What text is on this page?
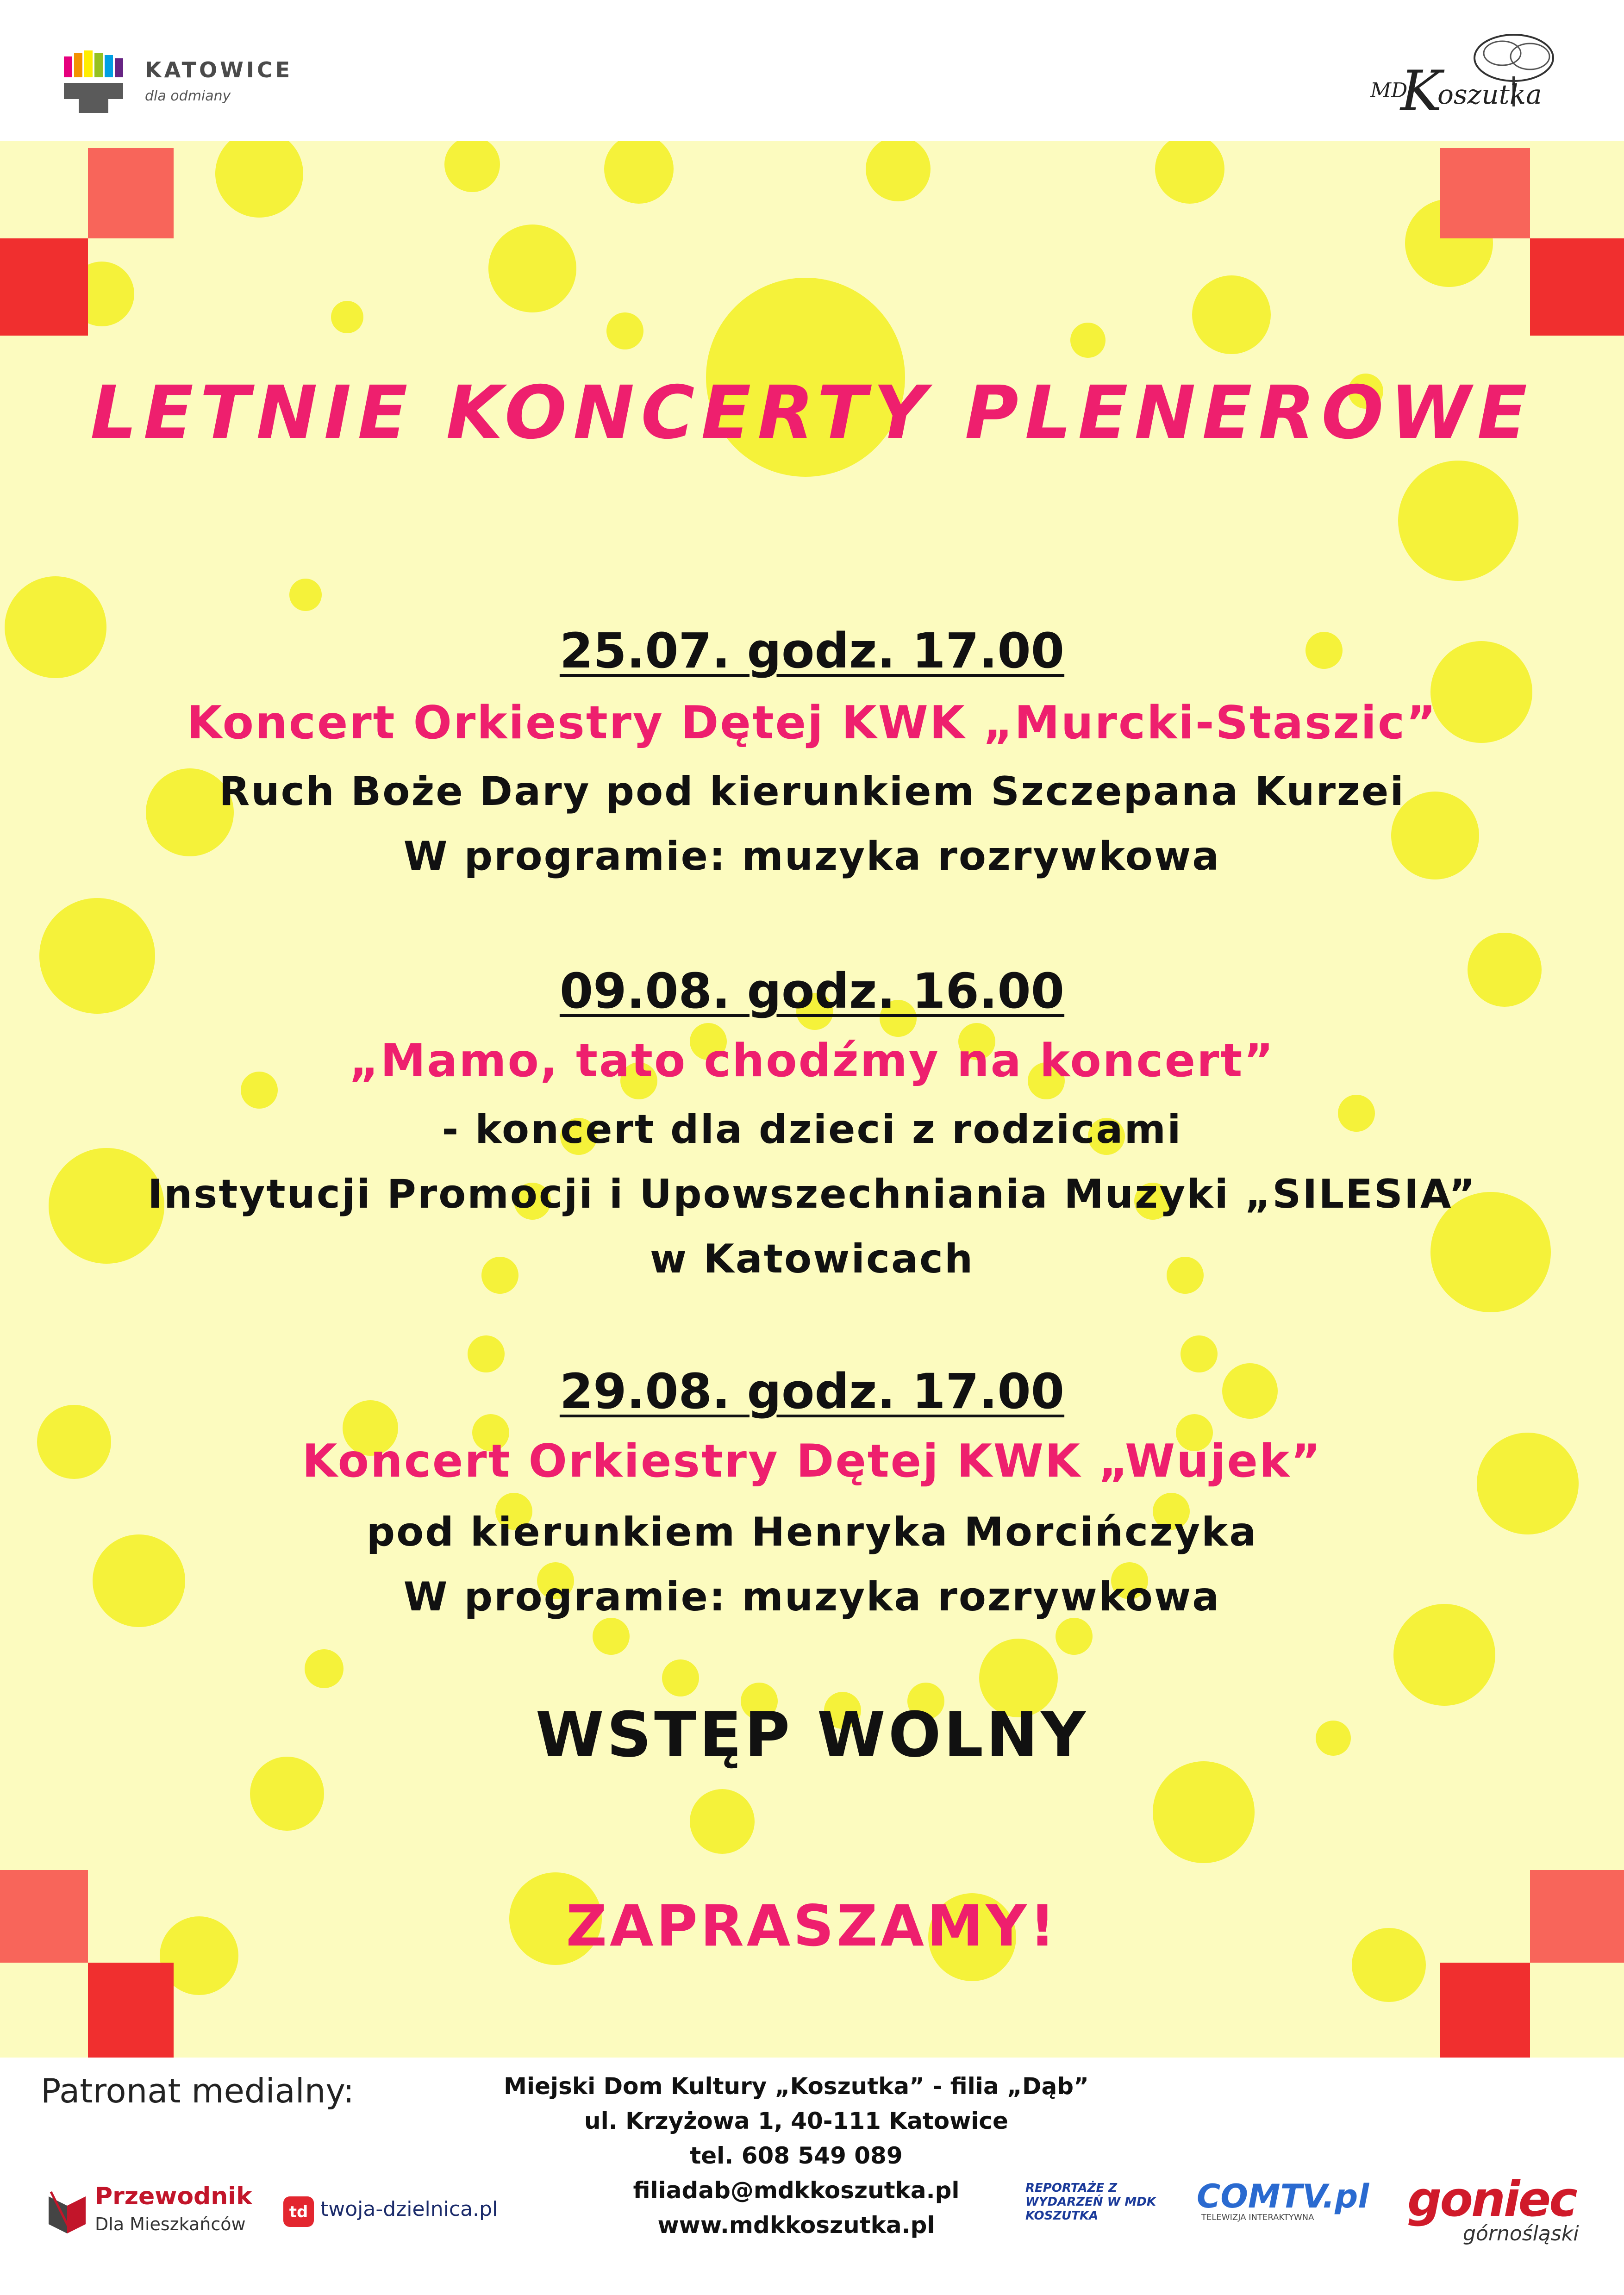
KATOWICE
dla odmiany	MD
K
oszutka
LETNIE KONCERTY PLENEROWE
25.07. godz. 17.00
Koncert Orkiestry Dętej KWK „Murcki-Staszic”
Ruch Boże Dary pod kierunkiem Szczepana Kurzei
W programie: muzyka rozrywkowa
09.08. godz. 16.00
„Mamo, tato chodźmy na koncert”
- koncert dla dzieci z rodzicami
Instytucji Promocji i Upowszechniania Muzyki „SILESIA”
w Katowicach
29.08. godz. 17.00
Koncert Orkiestry Dętej KWK „Wujek”
pod kierunkiem Henryka Morcińczyka
W programie: muzyka rozrywkowa
WSTĘP WOLNY
ZAPRASZAMY!
Patronat medialny:	Miejski Dom Kultury „Koszutka” - filia „Dąb”
ul. Krzyżowa 1, 40-111 Katowice
tel. 608 549 089
filiadab@mdkkoszutka.pl
www.mdkkoszutka.pl
Przewodnik
Dla Mieszkańców
td twoja-dzielnica.pl
REPORTAŻE Z WYDARZEŃ W MDK KOSZUTKA
COMTV.pl
TELEWIZJA INTERAKTYWNA goniec
górnośląski
